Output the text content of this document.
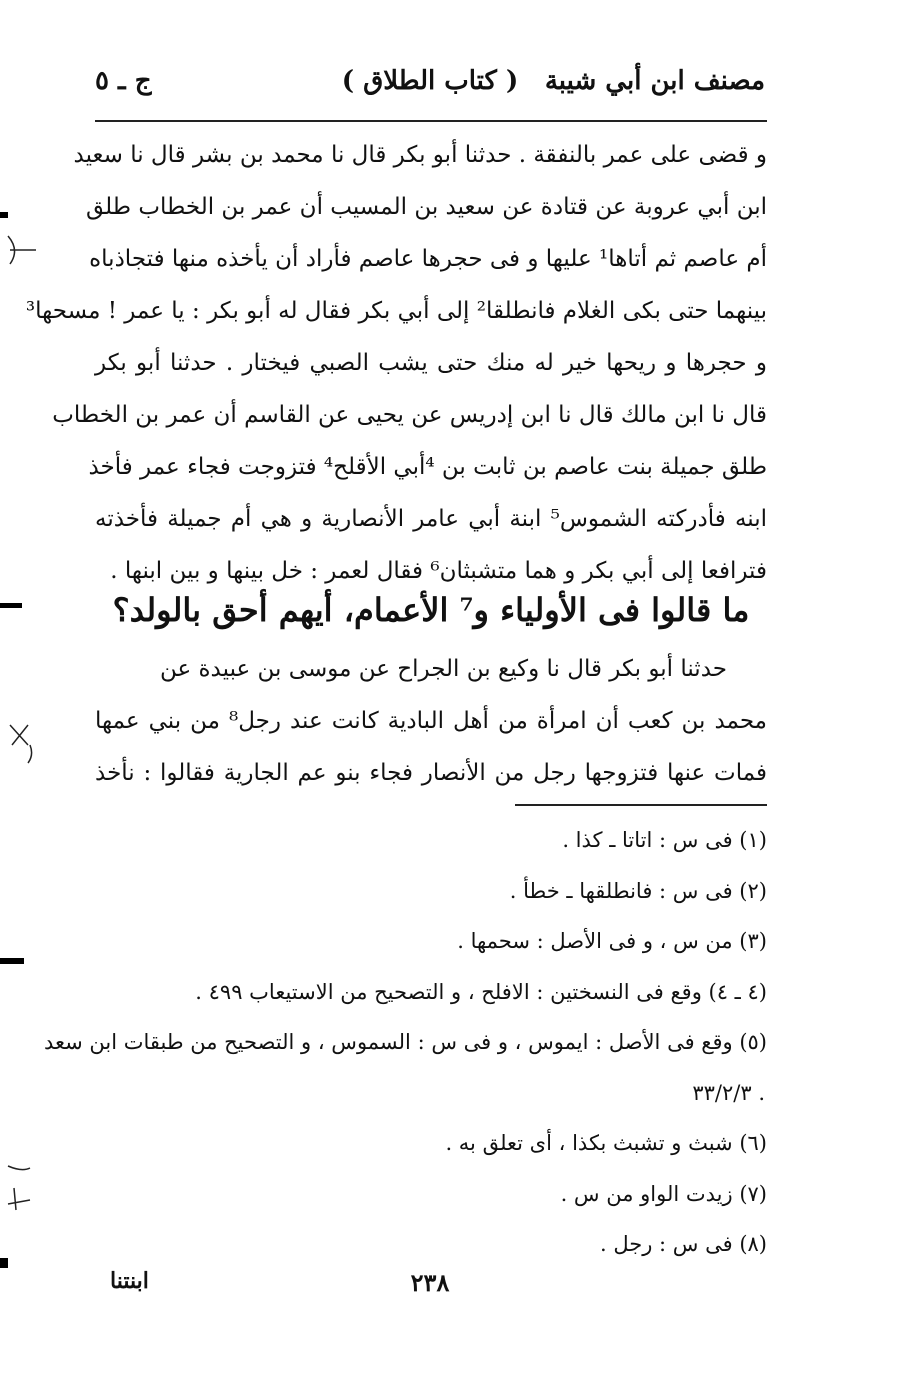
مصنف ابن أبي شيبة
( كتاب الطلاق )
ج ـ ٥
و قضى على عمر بالنفقة . حدثنا أبو بكر قال نا محمد بن بشر قال نا سعيد
ابن أبي عروبة عن قتادة عن سعيد بن المسيب أن عمر بن الخطاب طلق
أم عاصم ثم أتاها¹ عليها و فى حجرها عاصم فأراد أن يأخذه منها فتجاذباه
بينهما حتى بكى الغلام فانطلقا² إلى أبي بكر فقال له أبو بكر : يا عمر ! مسحها³
و حجرها و ريحها خير له منك حتى يشب الصبي فيختار . حدثنا أبو بكر
قال نا ابن مالك قال نا ابن إدريس عن يحيى عن القاسم أن عمر بن الخطاب
طلق جميلة بنت عاصم بن ثابت بن ⁴أبي الأقلح⁴ فتزوجت فجاء عمر فأخذ
ابنه فأدركته الشموس⁵ ابنة أبي عامر الأنصارية و هي أم جميلة فأخذته
فترافعا إلى أبي بكر و هما متشبثان⁶ فقال لعمر : خل بينها و بين ابنها .
ما قالوا فى الأولياء و⁷ الأعمام، أيهم أحق بالولد؟
حدثنا أبو بكر قال نا وكيع بن الجراح عن موسى بن عبيدة عن
محمد بن كعب أن امرأة من أهل البادية كانت عند رجل⁸ من بني عمها
فمات عنها فتزوجها رجل من الأنصار فجاء بنو عم الجارية فقالوا : نأخذ
(١) فى س : اتاتا ـ كذا .
(٢) فى س : فانطلقها ـ خطأ .
(٣) من س ، و فى الأصل : سحمها .
(٤ ـ ٤) وقع فى النسختين : الافلح ، و التصحيح من الاستيعاب ٤٩٩ .
(٥) وقع فى الأصل : ايموس ، و فى س : السموس ، و التصحيح من طبقات ابن سعد
. ٣٣/٢/٣
(٦) شبث و تشبث بكذا ، أى تعلق به .
(٧) زيدت الواو من س .
(٨) فى س : رجل .
٢٣٨
ابنتنا
